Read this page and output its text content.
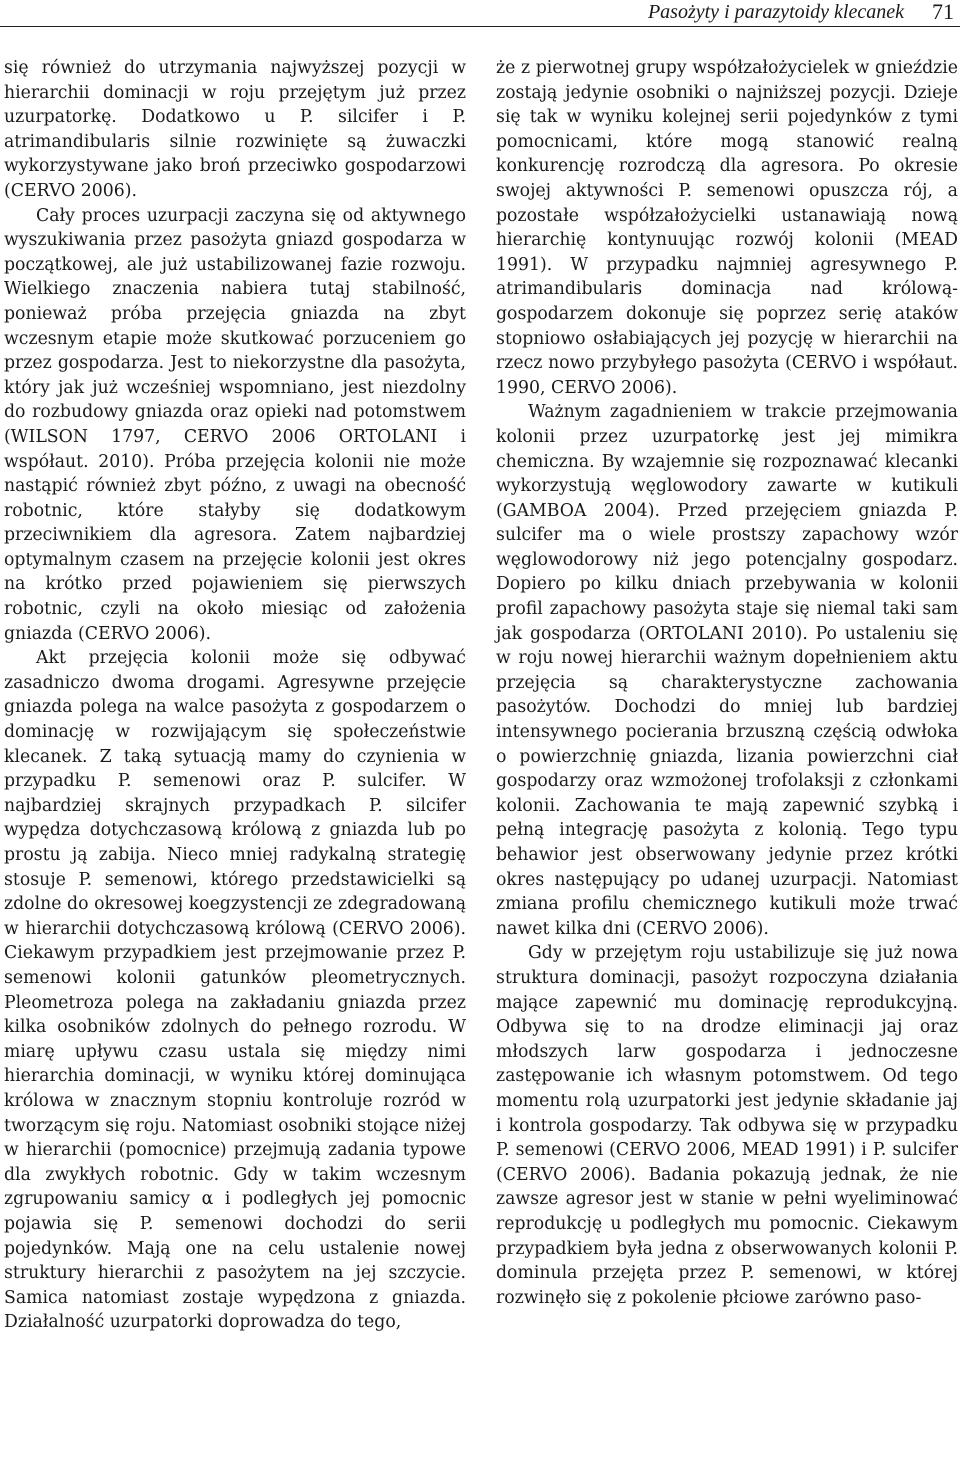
Pasożyty i parazytoidy klecanek 71

się również do utrzymania najwyższej pozycji w hierarchii dominacji w roju przejętym już przez uzurpatorkę. Dodatkowo u P. silcifer i P. atrimandibularis silnie rozwinięte są żuwaczki wykorzystywane jako broń przeciwko gospodarzowi (CERVO 2006).

Cały proces uzurpacji zaczyna się od aktywnego wyszukiwania przez pasożyta gniazd gospodarza w początkowej, ale już ustabilizowanej fazie rozwoju. Wielkiego znaczenia nabiera tutaj stabilność, ponieważ próba przejęcia gniazda na zbyt wczesnym etapie może skutkować porzuceniem go przez gospodarza. Jest to niekorzystne dla pasożyta, który jak już wcześniej wspomniano, jest niezdolny do rozbudowy gniazda oraz opieki nad potomstwem (WILSON 1797, CERVO 2006 ORTOLANI i współaut. 2010). Próba przejęcia kolonii nie może nastąpić również zbyt późno, z uwagi na obecność robotnic, które stałyby się dodatkowym przeciwnikiem dla agresora. Zatem najbardziej optymalnym czasem na przejęcie kolonii jest okres na krótko przed pojawieniem się pierwszych robotnic, czyli na około miesiąc od założenia gniazda (CERVO 2006).

Akt przejęcia kolonii może się odbywać zasadniczo dwoma drogami. Agresywne przejęcie gniazda polega na walce pasożyta z gospodarzem o dominację w rozwijającym się społeczeństwie klecanek. Z taką sytuacją mamy do czynienia w przypadku P. semenowi oraz P. sulcifer. W najbardziej skrajnych przypadkach P. silcifer wypędza dotychczasową królową z gniazda lub po prostu ją zabija. Nieco mniej radykalną strategię stosuje P. semenowi, którego przedstawicielki są zdolne do okresowej koegzystencji ze zdegradowaną w hierarchii dotychczasową królową (CERVO 2006). Ciekawym przypadkiem jest przejmowanie przez P. semenowi kolonii gatunków pleometrycznych. Pleometroza polega na zakładaniu gniazda przez kilka osobników zdolnych do pełnego rozrodu. W miarę upływu czasu ustala się między nimi hierarchia dominacji, w wyniku której dominująca królowa w znacznym stopniu kontroluje rozród w tworzącym się roju. Natomiast osobniki stojące niżej w hierarchii (pomocnice) przejmują zadania typowe dla zwykłych robotnic. Gdy w takim wczesnym zgrupowaniu samicy α i podległych jej pomocnic pojawia się P. semenowi dochodzi do serii pojedynków. Mają one na celu ustalenie nowej struktury hierarchii z pasożytem na jej szczycie. Samica natomiast zostaje wypędzona z gniazda. Działalność uzurpatorki doprowadza do tego,

że z pierwotnej grupy współzałożycielek w gnieździe zostają jedynie osobniki o najniższej pozycji. Dzieje się tak w wyniku kolejnej serii pojedynków z tymi pomocnicami, które mogą stanowić realną konkurencję rozrodczą dla agresora. Po okresie swojej aktywności P. semenowi opuszcza rój, a pozostałe współzałożycielki ustanawiają nową hierarchię kontynuując rozwój kolonii (MEAD 1991). W przypadku najmniej agresywnego P. atrimandibularis dominacja nad królową-gospodarzem dokonuje się poprzez serię ataków stopniowo osłabiających jej pozycję w hierarchii na rzecz nowo przybyłego pasożyta (CERVO i współaut. 1990, CERVO 2006).

Ważnym zagadnieniem w trakcie przejmowania kolonii przez uzurpatorkę jest jej mimikra chemiczna. By wzajemnie się rozpoznawać klecanki wykorzystują węglowodory zawarte w kutikuli (GAMBOA 2004). Przed przejęciem gniazda P. sulcifer ma o wiele prostszy zapachowy wzór węglowodorowy niż jego potencjalny gospodarz. Dopiero po kilku dniach przebywania w kolonii profil zapachowy pasożyta staje się niemal taki sam jak gospodarza (ORTOLANI 2010). Po ustaleniu się w roju nowej hierarchii ważnym dopełnieniem aktu przejęcia są charakterystyczne zachowania pasożytów. Dochodzi do mniej lub bardziej intensywnego pocierania brzuszną częścią odwłoka o powierzchnię gniazda, lizania powierzchni ciał gospodarzy oraz wzmożonej trofolaksji z członkami kolonii. Zachowania te mają zapewnić szybką i pełną integrację pasożyta z kolonią. Tego typu behawior jest obserwowany jedynie przez krótki okres następujący po udanej uzurpacji. Natomiast zmiana profilu chemicznego kutikuli może trwać nawet kilka dni (CERVO 2006).

Gdy w przejętym roju ustabilizuje się już nowa struktura dominacji, pasożyt rozpoczyna działania mające zapewnić mu dominację reprodukcyjną. Odbywa się to na drodze eliminacji jaj oraz młodszych larw gospodarza i jednoczesne zastępowanie ich własnym potomstwem. Od tego momentu rolą uzurpatorki jest jedynie składanie jaj i kontrola gospodarzy. Tak odbywa się w przypadku P. semenowi (CERVO 2006, MEAD 1991) i P. sulcifer (CERVO 2006). Badania pokazują jednak, że nie zawsze agresor jest w stanie w pełni wyeliminować reprodukcję u podległych mu pomocnic. Ciekawym przypadkiem była jedna z obserwowanych kolonii P. dominula przejęta przez P. semenowi, w której rozwinęło się z pokolenie płciowe zarówno paso-
